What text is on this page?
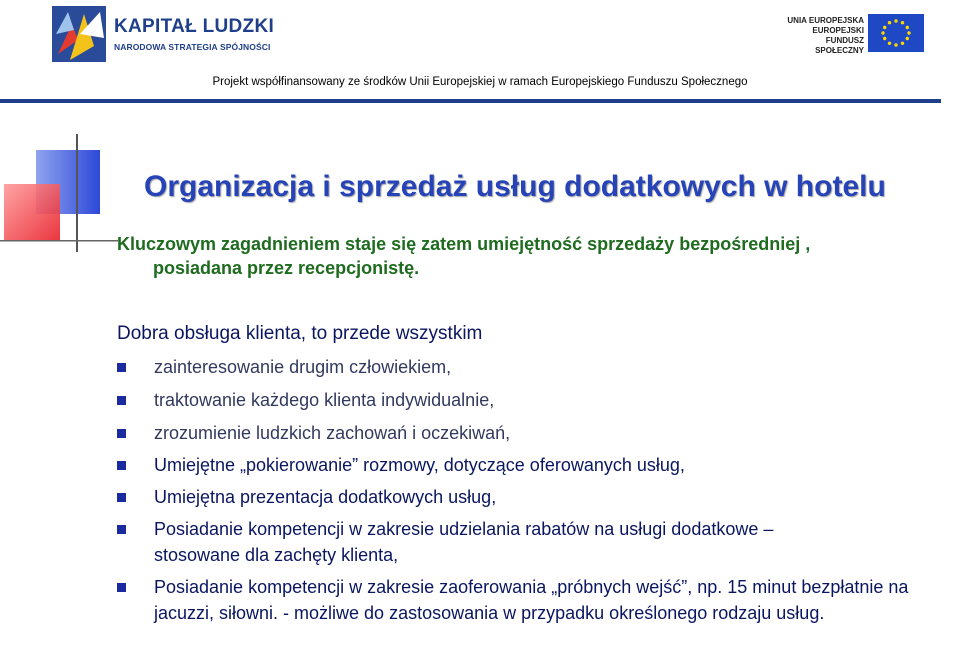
KAPITAŁ LUDZKI
NARODOWA STRATEGIA SPÓJNOŚCI
UNIA EUROPEJSKA
EUROPEJSKI
FUNDUSZ SPOŁECZNY
Projekt współfinansowany ze środków Unii Europejskiej w ramach Europejskiego Funduszu Społecznego
Organizacja i sprzedaż usług dodatkowych w hotelu
Kluczowym zagadnieniem staje się zatem umiejętność sprzedaży bezpośredniej ,
posiadana przez recepcjonistę.
Dobra obsługa klienta, to przede wszystkim
zainteresowanie drugim człowiekiem,
traktowanie każdego klienta indywidualnie,
zrozumienie ludzkich zachowań i oczekiwań,
Umiejętne „pokierowanie” rozmowy, dotyczące oferowanych usług,
Umiejętna prezentacja dodatkowych usług,
Posiadanie kompetencji w zakresie udzielania rabatów na usługi dodatkowe – stosowane dla zachęty klienta,
Posiadanie kompetencji w zakresie zaoferowania „próbnych wejść”, np. 15 minut bezpłatnie na jacuzzi, siłowni. - możliwe do zastosowania w przypadku określonego rodzaju usług.
